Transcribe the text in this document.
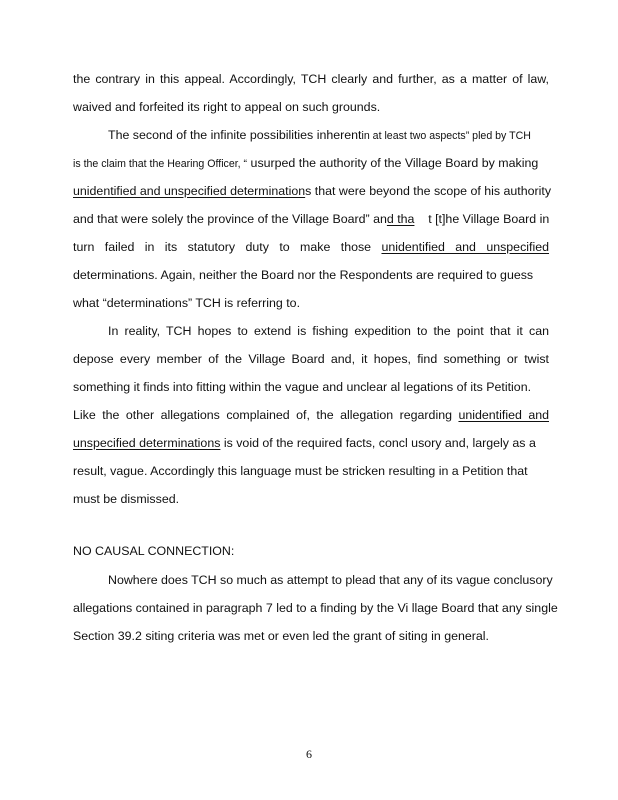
the contrary in this appeal. Accordingly, TCH clearly and further, as a matter of law,
waived and forfeited its right to appeal on such grounds.
The second of the infinite possibilities inherentin at least two aspects” pled by TCH
is the claim that the Hearing Officer, “ usurped the authority of the Village Board by making
unidentified and unspecified determinations that were beyond the scope of his authority
and that were solely the province of the Village Board” and tha t [t]he Village Board in
turn failed in its statutory duty to make those unidentified and unspecified
determinations. Again, neither the Board nor the Respondents are required to guess
what “determinations” TCH is referring to.
In reality, TCH hopes to extend is fishing expedition to the point that it can
depose every member of the Village Board and, it hopes, find something or twist
something it finds into fitting within the vague and unclear al legations of its Petition.
Like the other allegations complained of, the allegation regarding unidentified and
unspecified determinations is void of the required facts, concl usory and, largely as a
result, vague. Accordingly this language must be stricken resulting in a Petition that
must be dismissed.
NO CAUSAL CONNECTION:
Nowhere does TCH so much as attempt to plead that any of its vague conclusory
allegations contained in paragraph 7 led to a finding by the Vi llage Board that any single
Section 39.2 siting criteria was met or even led the grant of siting in general.
6
